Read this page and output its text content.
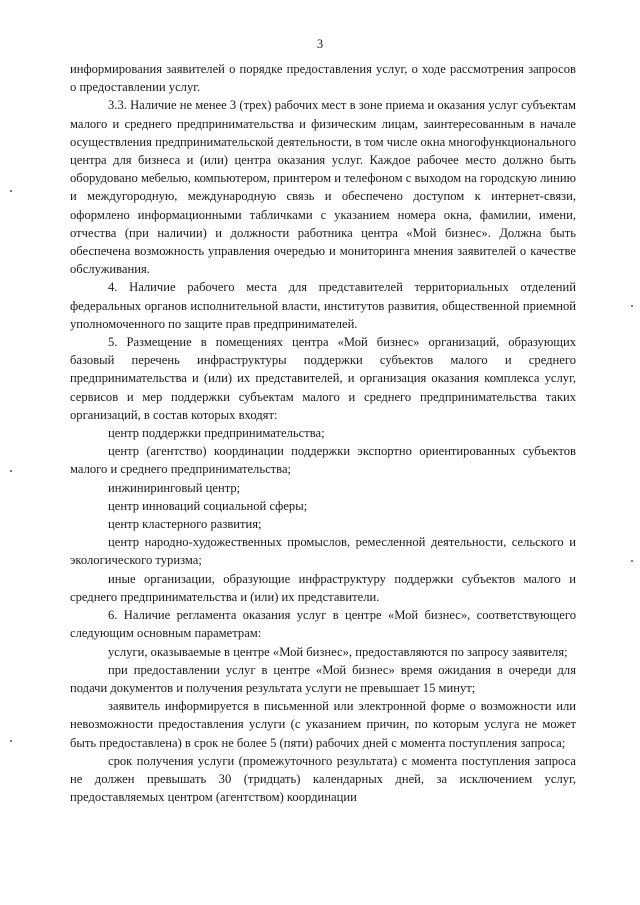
3

информирования заявителей о порядке предоставления услуг, о ходе рассмотрения запросов о предоставлении услуг.

3.3. Наличие не менее 3 (трех) рабочих мест в зоне приема и оказания услуг субъектам малого и среднего предпринимательства и физическим лицам, заинтересованным в начале осуществления предпринимательской деятельности, в том числе окна многофункционального центра для бизнеса и (или) центра оказания услуг. Каждое рабочее место должно быть оборудовано мебелью, компьютером, принтером и телефоном с выходом на городскую линию и междугородную, международную связь и обеспечено доступом к интернет-связи, оформлено информационными табличками с указанием номера окна, фамилии, имени, отчества (при наличии) и должности работника центра «Мой бизнес». Должна быть обеспечена возможность управления очередью и мониторинга мнения заявителей о качестве обслуживания.

4. Наличие рабочего места для представителей территориальных отделений федеральных органов исполнительной власти, институтов развития, общественной приемной уполномоченного по защите прав предпринимателей.

5. Размещение в помещениях центра «Мой бизнес» организаций, образующих базовый перечень инфраструктуры поддержки субъектов малого и среднего предпринимательства и (или) их представителей, и организация оказания комплекса услуг, сервисов и мер поддержки субъектам малого и среднего предпринимательства таких организаций, в состав которых входят:

центр поддержки предпринимательства;

центр (агентство) координации поддержки экспортно ориентированных субъектов малого и среднего предпринимательства;

инжиниринговый центр;

центр инноваций социальной сферы;

центр кластерного развития;

центр народно-художественных промыслов, ремесленной деятельности, сельского и экологического туризма;

иные организации, образующие инфраструктуру поддержки субъектов малого и среднего предпринимательства и (или) их представители.

6. Наличие регламента оказания услуг в центре «Мой бизнес», соответствующего следующим основным параметрам:

услуги, оказываемые в центре «Мой бизнес», предоставляются по запросу заявителя;

при предоставлении услуг в центре «Мой бизнес» время ожидания в очереди для подачи документов и получения результата услуги не превышает 15 минут;

заявитель информируется в письменной или электронной форме о возможности или невозможности предоставления услуги (с указанием причин, по которым услуга не может быть предоставлена) в срок не более 5 (пяти) рабочих дней с момента поступления запроса;

срок получения услуги (промежуточного результата) с момента поступления запроса не должен превышать 30 (тридцать) календарных дней, за исключением услуг, предоставляемых центром (агентством) координации
